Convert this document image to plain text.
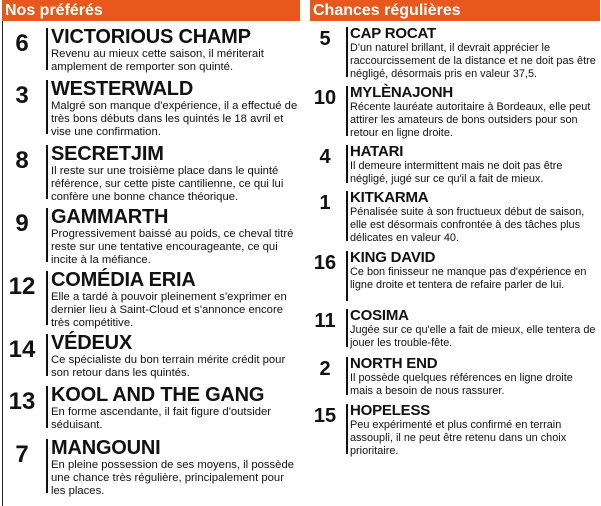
Nos préférés	Chances régulières
6	VICTORIOUS CHAMP
Revenu au mieux cette saison, il mériterait amplement de remporter son quinté.
3	WESTERWALD
Malgré son manque d'expérience, il a effectué de très bons débuts dans les quintés le 18 avril et vise une confirmation.
8	SECRETJIM
Il reste sur une troisième place dans le quinté référence, sur cette piste cantilienne, ce qui lui confère une bonne chance théorique.
9	GAMMARTH
Progressivement baissé au poids, ce cheval titré reste sur une tentative encourageante, ce qui incite à la méfiance.
12 COMÉDIA ERIA
Elle a tardé à pouvoir pleinement s'exprimer en dernier lieu à Saint-Cloud et s'annonce encore très compétitive.
14 VÉDEUX
Ce spécialiste du bon terrain mérite crédit pour son retour dans les quintés.
13 KOOL AND THE GANG
En forme ascendante, il fait figure d'outsider séduisant.
7	MANGOUNI
En pleine possession de ses moyens, il possède une chance très régulière, principalement pour les places.
5	CAP ROCAT
D'un naturel brillant, il devrait apprécier le raccourcissement de la distance et ne doit pas être négligé, désormais pris en valeur 37,5.
10 MYLÈNAJONH
Récente lauréate autoritaire à Bordeaux, elle peut attirer les amateurs de bons outsiders pour son retour en ligne droite.
4	HATARI
Il demeure intermittent mais ne doit pas être négligé, jugé sur ce qu'il a fait de mieux.
1	KITKARMA
Pénalisée suite à son fructueux début de saison, elle est désormais confrontée à des tâches plus délicates en valeur 40.
16 KING DAVID
Ce bon finisseur ne manque pas d'expérience en ligne droite et tentera de refaire parler de lui.
11 COSIMA
Jugée sur ce qu'elle a fait de mieux, elle tentera de jouer les trouble-fête.
2	NORTH END
Il possède quelques références en ligne droite mais a besoin de nous rassurer.
15 HOPELESS
Peu expérimenté et plus confirmé en terrain assoupli, il ne peut être retenu dans un choix prioritaire.
